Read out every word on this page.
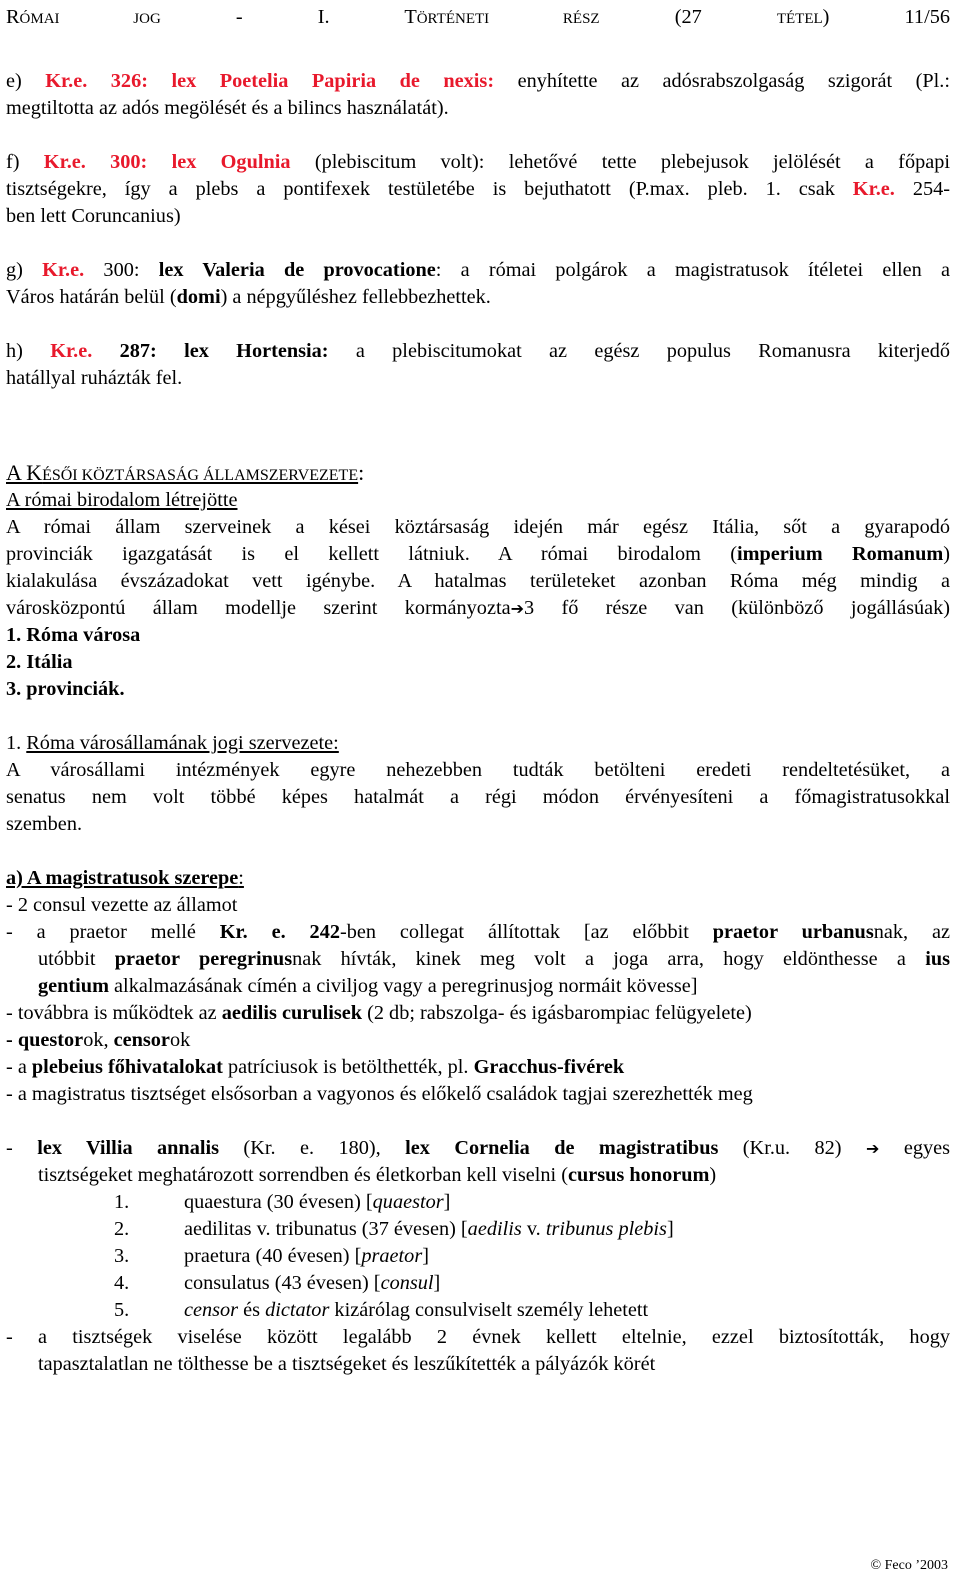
RÓMAI JOG - I. TÖRTÉNETI RÉSZ (27 TÉTEL)	11/56
e) Kr.e. 326: lex Poetelia Papiria de nexis: enyhítette az adósrabszolgaság szigorát (Pl.:
megtiltotta az adós megölését és a bilincs használatát).
f) Kr.e. 300: lex Ogulnia (plebiscitum volt): lehetővé tette plebejusok jelölését a főpapi
tisztségekre, így a plebs a pontifexek testületébe is bejuthatott (P.max. pleb. 1. csak Kr.e. 254-
ben lett Coruncanius)
g) Kr.e. 300: lex Valeria de provocatione: a római polgárok a magistratusok ítéletei ellen a
Város határán belül (domi) a népgyűléshez fellebbezhettek.
h) Kr.e. 287: lex Hortensia: a plebiscitumokat az egész populus Romanusra kiterjedő
hatállyal ruházták fel.
A KÉSŐI KÖZTÁRSASÁG ÁLLAMSZERVEZETE:
A római birodalom létrejötte
A római állam szerveinek a kései köztársaság idején már egész Itália, sőt a gyarapodó
provinciák igazgatását is el kellett látniuk. A római birodalom (imperium Romanum)
kialakulása évszázadokat vett igénybe. A hatalmas területeket azonban Róma még mindig a
városközpontú állam modellje szerint kormányozta➔3 fő része van (különböző jogállásúak)
1. Róma városa
2. Itália
3. provinciák.
1. Róma városállamának jogi szervezete:
A városállami intézmények egyre nehezebben tudták betölteni eredeti rendeltetésüket, a
senatus nem volt többé képes hatalmát a régi módon érvényesíteni a főmagistratusokkal
szemben.
a) A magistratusok szerepe:
- 2 consul vezette az államot
- a praetor mellé Kr. e. 242-ben collegat állítottak [az előbbit praetor urbanusnak, az
utóbbit praetor peregrinusnak hívták, kinek meg volt a joga arra, hogy eldönthesse a ius
gentium alkalmazásának címén a civiljog vagy a peregrinusjog normáit kövesse]
- továbbra is működtek az aedilis curulisek (2 db; rabszolga- és igásbarompiac felügyelete)
- questorok, censorok
- a plebeius főhivatalokat patríciusok is betölthették, pl. Gracchus-fivérek
- a magistratus tisztséget elsősorban a vagyonos és előkelő családok tagjai szerezhették meg
- lex Villia annalis (Kr. e. 180), lex Cornelia de magistratibus (Kr.u. 82) ➔ egyes
tisztségeket meghatározott sorrendben és életkorban kell viselni (cursus honorum)
1.	quaestura (30 évesen) [quaestor]
2.	aedilitas v. tribunatus (37 évesen) [aedilis v. tribunus plebis]
3.	praetura (40 évesen) [praetor]
4.	consulatus (43 évesen) [consul]
5.	censor és dictator kizárólag consulviselt személy lehetett
- a tisztségek viselése között legalább 2 évnek kellett eltelnie, ezzel biztosították, hogy
tapasztalatlan ne tölthesse be a tisztségeket és leszűkítették a pályázók körét
© Feco ’2003
